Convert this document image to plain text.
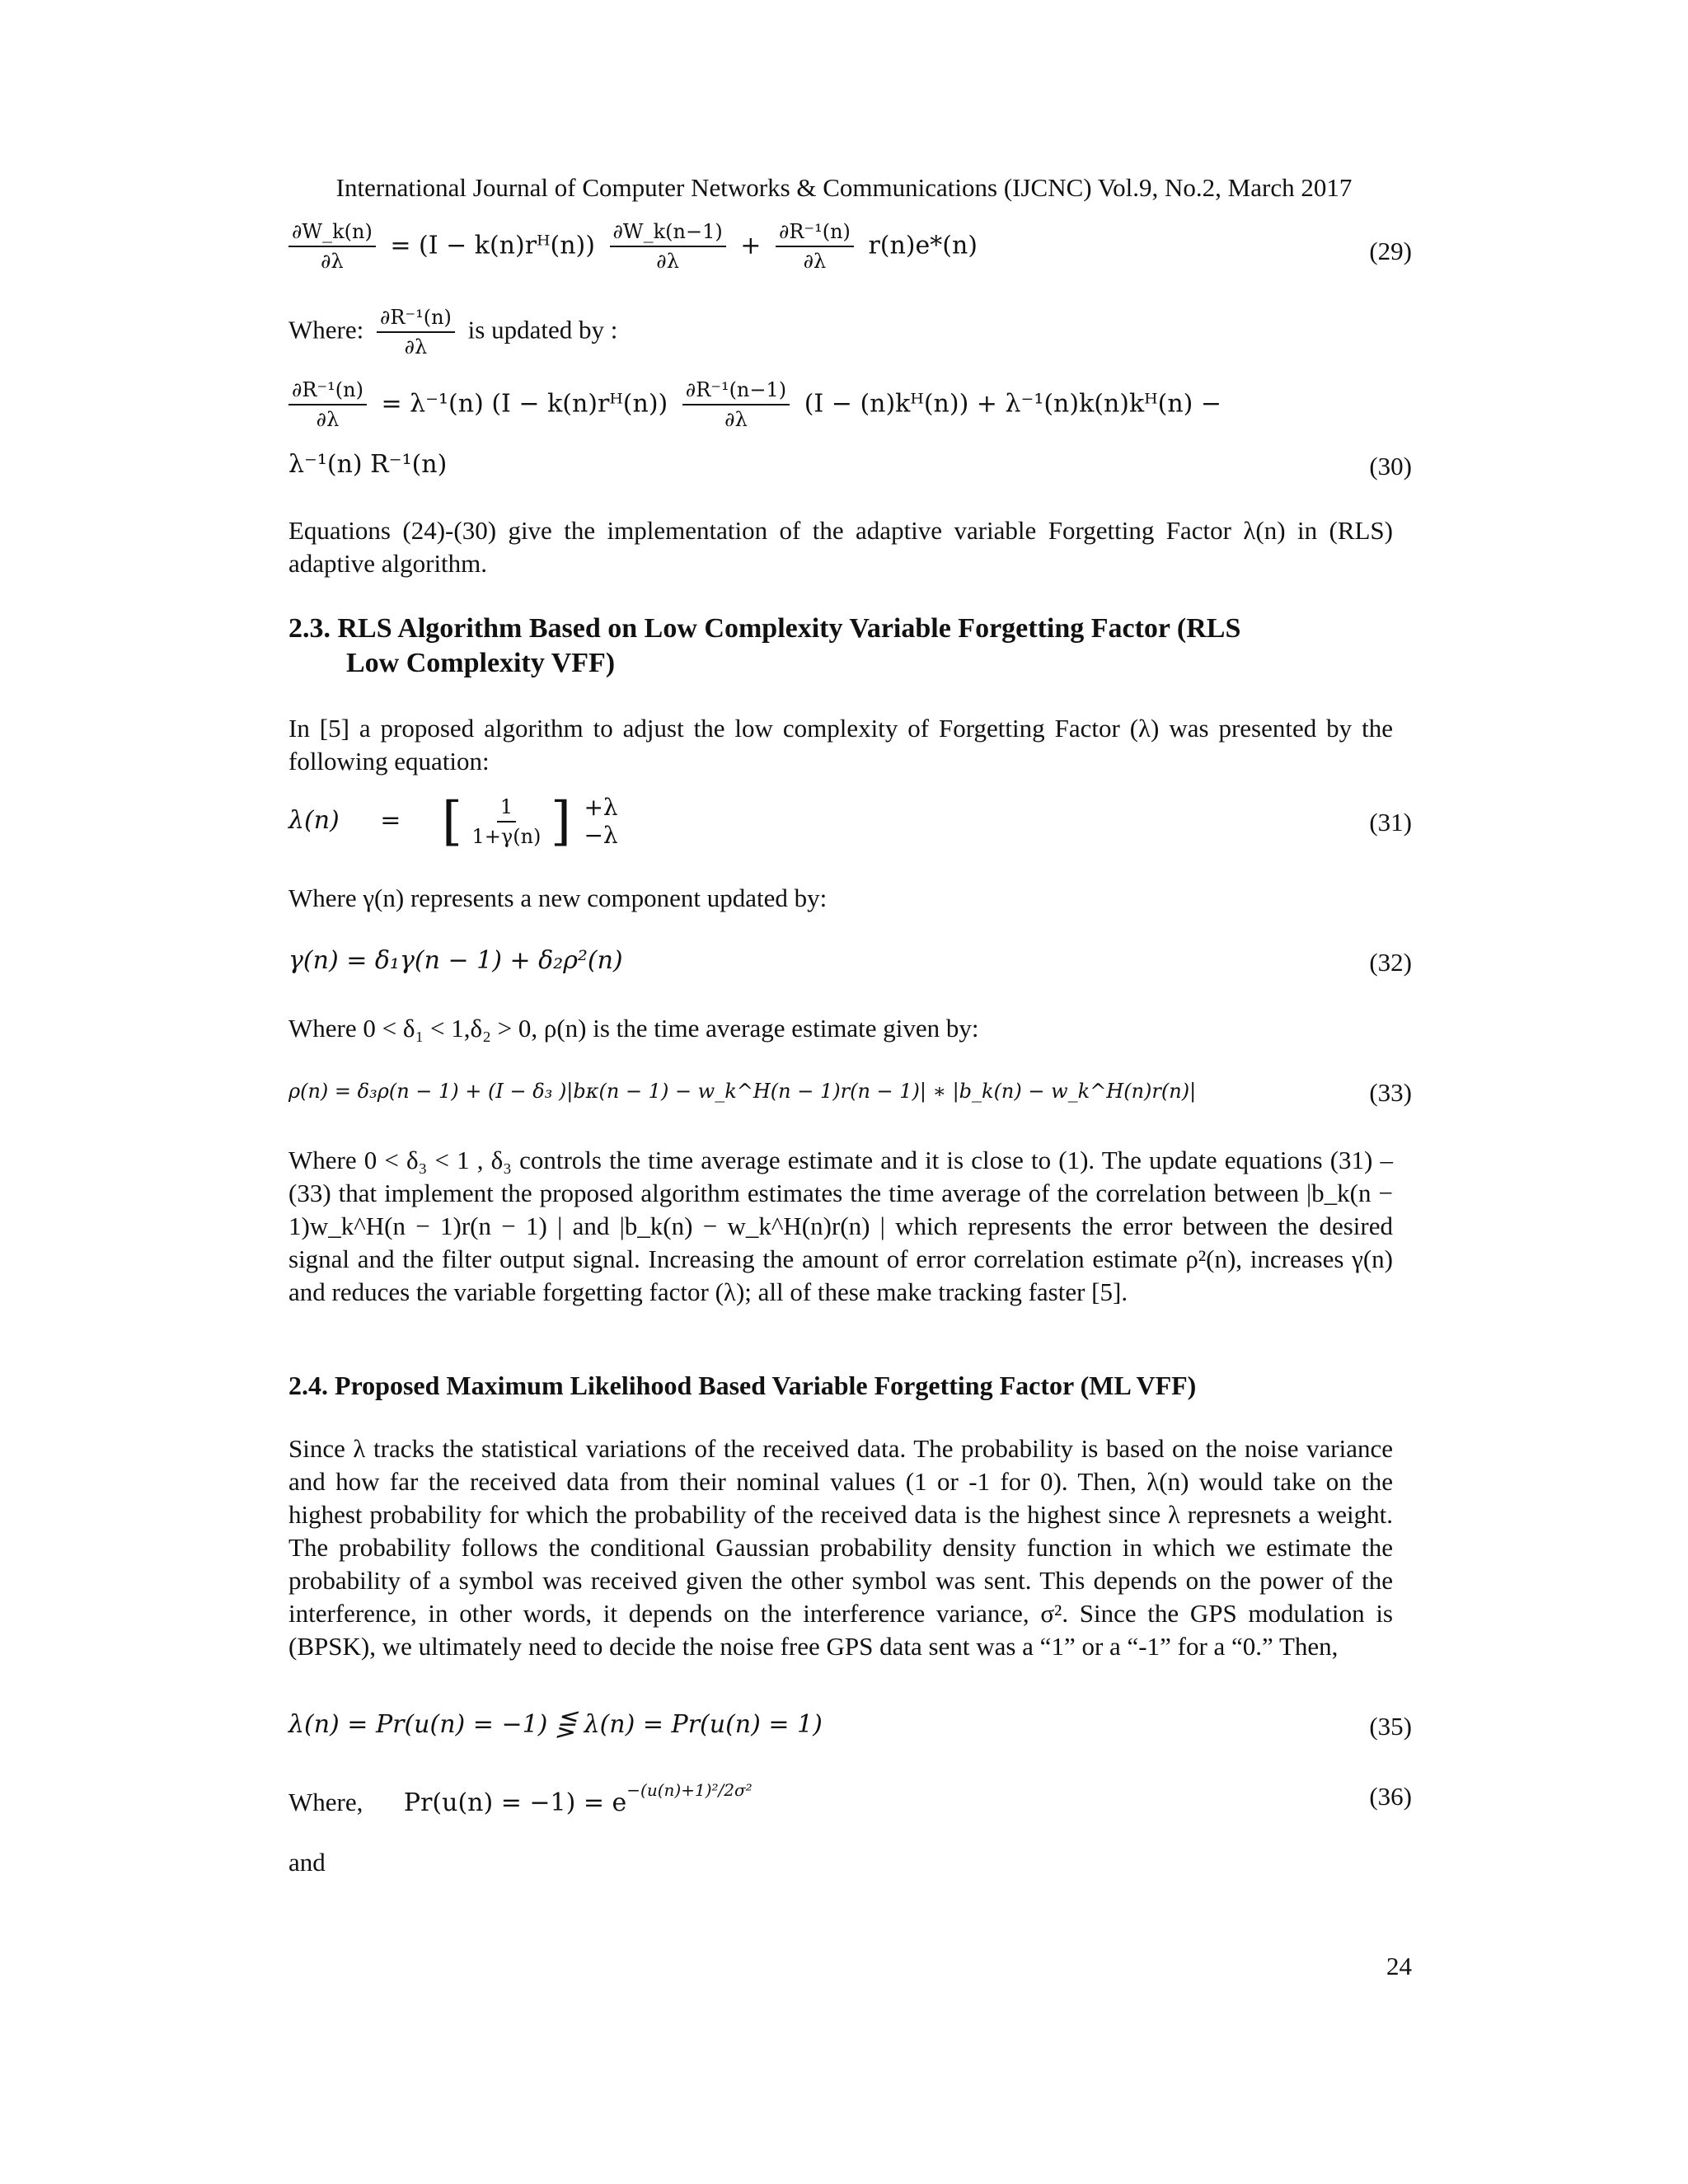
International Journal of Computer Networks & Communications (IJCNC) Vol.9, No.2, March 2017
$\frac{\partial W\_k(n)}{\partial\lambda} = (I$ − k(n)rᴴ(n)) $\frac{\partial W\_k(n-1)}{\partial\lambda} + \frac{\text{∂R⁻¹(n)}}{\partial\lambda} r(n)e*(n)$	(29)
Where: $\frac{\text{∂R⁻¹(n)}}{\partial\lambda}$ is updated by :
$\frac{\text{∂R⁻¹(n)}}{\partial\lambda} = \lambda^{-1}(n) (I$ − k(n)rᴴ(n)) $\frac{\text{∂R⁻¹(n−1)}}{\partial\lambda} (I$ − (n)kᴴ(n)) + λ⁻¹(n)k(n)kᴴ(n) −
λ⁻¹(n) R⁻¹(n)	(30)
Equations (24)-(30) give the implementation of the adaptive variable Forgetting Factor λ(n) in (RLS) adaptive algorithm.
2.3. RLS Algorithm Based on Low Complexity Variable Forgetting Factor (RLS
Low Complexity VFF)
In [5] a proposed algorithm to adjust the low complexity of Forgetting Factor (λ) was presented by the following equation:
λ(n) = [ $\frac{1}{1+\gamma(n)}$ ] +λ
−λ	(31)
Where γ(n) represents a new component updated by:
γ(n) = δ₁γ(n − 1) + δ₂ρ²(n)	(32)
Where 0 < δ₁ < 1,δ₂ > 0, ρ(n) is the time average estimate given by:
ρ(n) = δ₃ρ(n − 1) + (I − δ₃ )|bκ(n − 1) − w_k^H(n − 1)r(n − 1)| ∗ |b_k(n) − w_k^H(n)r(n)|	(33)
Where 0 < δ₃ < 1 , δ₃ controls the time average estimate and it is close to (1). The update equations (31) – (33) that implement the proposed algorithm estimates the time average of the correlation between |b_k(n − 1)w_k^H(n − 1)r(n − 1) | and |b_k(n) − w_k^H(n)r(n) | which represents the error between the desired signal and the filter output signal. Increasing the amount of error correlation estimate ρ²(n), increases γ(n) and reduces the variable forgetting factor (λ); all of these make tracking faster [5].
2.4. Proposed Maximum Likelihood Based Variable Forgetting Factor (ML VFF)
Since λ tracks the statistical variations of the received data. The probability is based on the noise variance and how far the received data from their nominal values (1 or -1 for 0). Then, λ(n) would take on the highest probability for which the probability of the received data is the highest since λ represnets a weight. The probability follows the conditional Gaussian probability density function in which we estimate the probability of a symbol was received given the other symbol was sent. This depends on the power of the interference, in other words, it depends on the interference variance, σ². Since the GPS modulation is (BPSK), we ultimately need to decide the noise free GPS data sent was a “1” or a “-1” for a “0.” Then,
λ(n) = Pr(u(n) = −1) ⋚ λ(n) = Pr(u(n) = 1)	(35)
Where, $Pr(u(n) = -1) = e^{-(u(n)+1)^2/2\sigma^2}$	(36)
and
24
